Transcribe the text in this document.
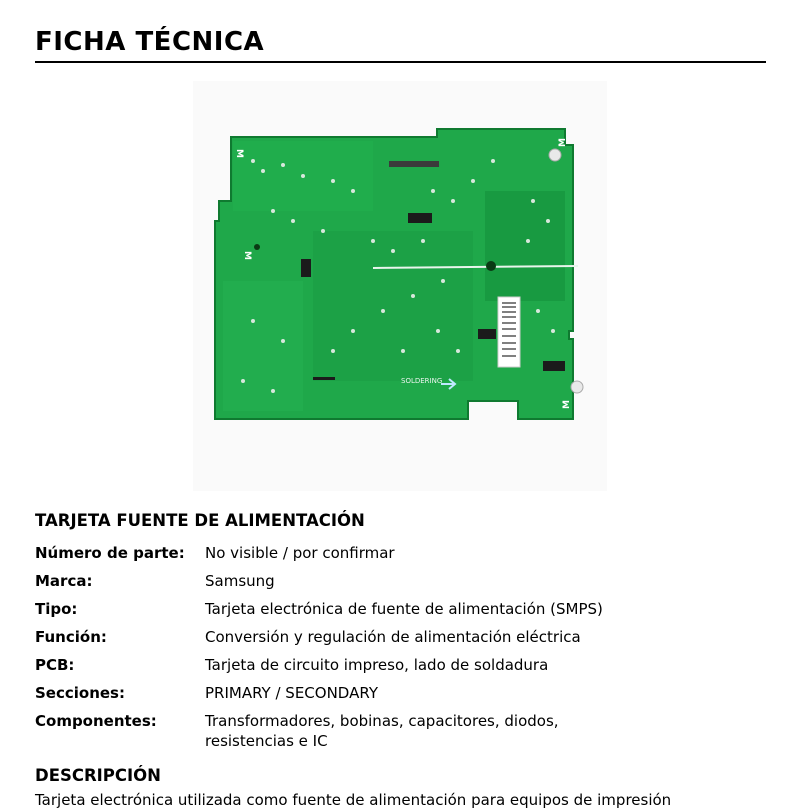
FICHA TÉCNICA
SOLDERING
M
M
M
M
TARJETA FUENTE DE ALIMENTACIÓN
Número de parte:	No visible / por confirmar
Marca:	Samsung
Tipo:	Tarjeta electrónica de fuente de alimentación (SMPS)
Función:	Conversión y regulación de alimentación eléctrica
PCB:	Tarjeta de circuito impreso, lado de soldadura
Secciones:	PRIMARY / SECONDARY
Componentes:	Transformadores, bobinas, capacitores, diodos, resistencias e IC
DESCRIPCIÓN
Tarjeta electrónica utilizada como fuente de alimentación para equipos de impresión
